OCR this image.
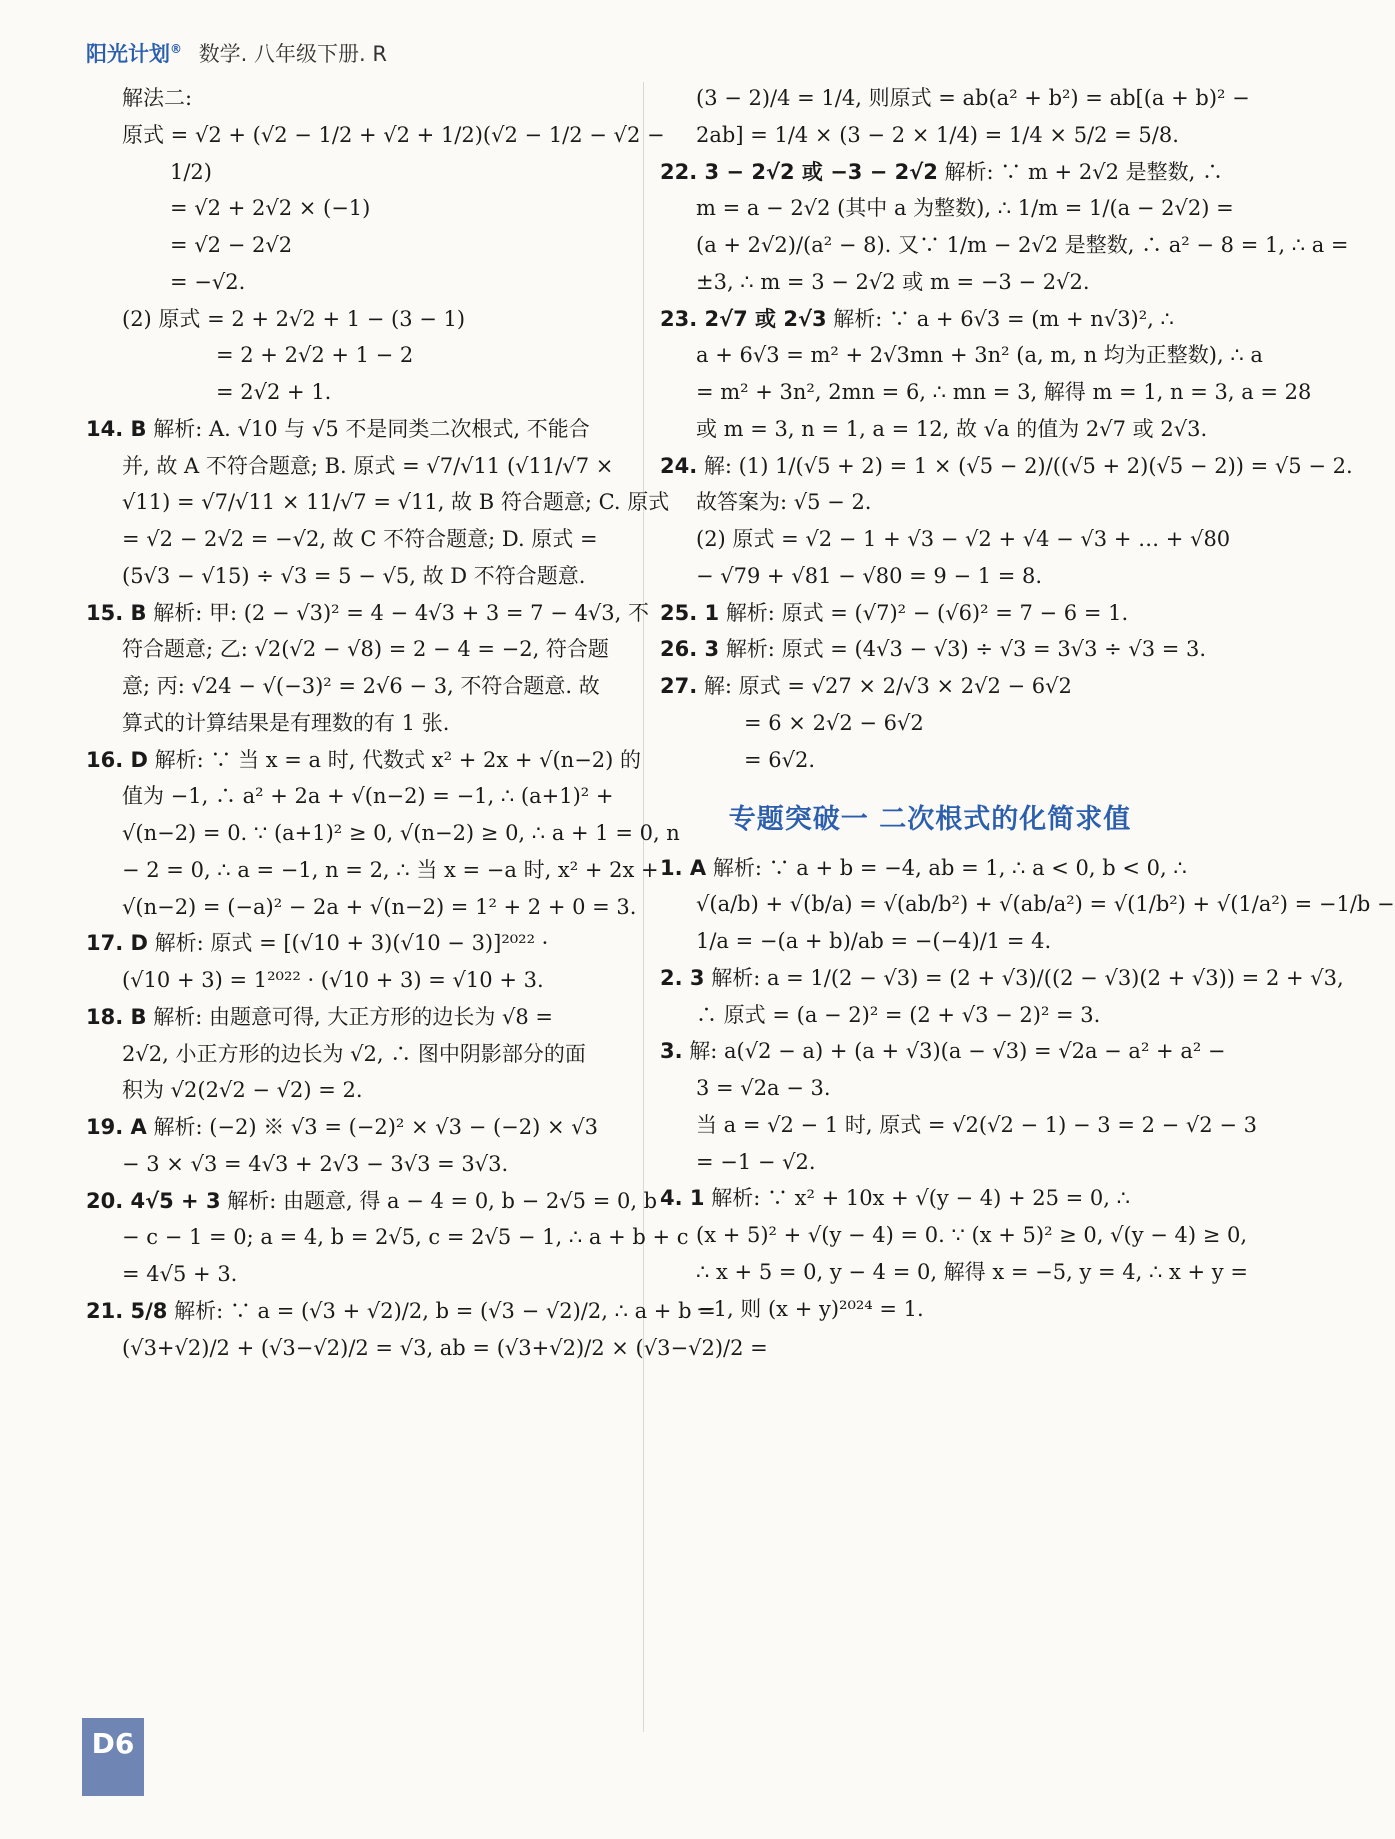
阳光计划® 数学. 八年级下册. R
解法二:
原式 = √2 + (√2 − 1/2 + √2 + 1/2)(√2 − 1/2 − √2 −
1/2)
= √2 + 2√2 × (−1)
= √2 − 2√2
= −√2.
(2) 原式 = 2 + 2√2 + 1 − (3 − 1)
= 2 + 2√2 + 1 − 2
= 2√2 + 1.
14. B 解析: A. √10 与 √5 不是同类二次根式, 不能合
并, 故 A 不符合题意; B. 原式 = √7/√11 (√11/√7 ×
√11) = √7/√11 × 11/√7 = √11, 故 B 符合题意; C. 原式
= √2 − 2√2 = −√2, 故 C 不符合题意; D. 原式 =
(5√3 − √15) ÷ √3 = 5 − √5, 故 D 不符合题意.
15. B 解析: 甲: (2 − √3)² = 4 − 4√3 + 3 = 7 − 4√3, 不
符合题意; 乙: √2(√2 − √8) = 2 − 4 = −2, 符合题
意; 丙: √24 − √(−3)² = 2√6 − 3, 不符合题意. 故
算式的计算结果是有理数的有 1 张.
16. D 解析: ∵ 当 x = a 时, 代数式 x² + 2x + √(n−2) 的
值为 −1, ∴ a² + 2a + √(n−2) = −1, ∴ (a+1)² +
√(n−2) = 0. ∵ (a+1)² ≥ 0, √(n−2) ≥ 0, ∴ a + 1 = 0, n
− 2 = 0, ∴ a = −1, n = 2, ∴ 当 x = −a 时, x² + 2x +
√(n−2) = (−a)² − 2a + √(n−2) = 1² + 2 + 0 = 3.
17. D 解析: 原式 = [(√10 + 3)(√10 − 3)]²⁰²² ·
(√10 + 3) = 1²⁰²² · (√10 + 3) = √10 + 3.
18. B 解析: 由题意可得, 大正方形的边长为 √8 =
2√2, 小正方形的边长为 √2, ∴ 图中阴影部分的面
积为 √2(2√2 − √2) = 2.
19. A 解析: (−2) ※ √3 = (−2)² × √3 − (−2) × √3
− 3 × √3 = 4√3 + 2√3 − 3√3 = 3√3.
20. 4√5 + 3 解析: 由题意, 得 a − 4 = 0, b − 2√5 = 0, b
− c − 1 = 0; a = 4, b = 2√5, c = 2√5 − 1, ∴ a + b + c
= 4√5 + 3.
21. 5/8 解析: ∵ a = (√3 + √2)/2, b = (√3 − √2)/2, ∴ a + b =
(√3+√2)/2 + (√3−√2)/2 = √3, ab = (√3+√2)/2 × (√3−√2)/2 =
(3 − 2)/4 = 1/4, 则原式 = ab(a² + b²) = ab[(a + b)² −
2ab] = 1/4 × (3 − 2 × 1/4) = 1/4 × 5/2 = 5/8.
22. 3 − 2√2 或 −3 − 2√2 解析: ∵ m + 2√2 是整数, ∴
m = a − 2√2 (其中 a 为整数), ∴ 1/m = 1/(a − 2√2) =
(a + 2√2)/(a² − 8). 又∵ 1/m − 2√2 是整数, ∴ a² − 8 = 1, ∴ a =
±3, ∴ m = 3 − 2√2 或 m = −3 − 2√2.
23. 2√7 或 2√3 解析: ∵ a + 6√3 = (m + n√3)², ∴
a + 6√3 = m² + 2√3mn + 3n² (a, m, n 均为正整数), ∴ a
= m² + 3n², 2mn = 6, ∴ mn = 3, 解得 m = 1, n = 3, a = 28
或 m = 3, n = 1, a = 12, 故 √a 的值为 2√7 或 2√3.
24. 解: (1) 1/(√5 + 2) = 1 × (√5 − 2)/((√5 + 2)(√5 − 2)) = √5 − 2.
故答案为: √5 − 2.
(2) 原式 = √2 − 1 + √3 − √2 + √4 − √3 + … + √80
− √79 + √81 − √80 = 9 − 1 = 8.
25. 1 解析: 原式 = (√7)² − (√6)² = 7 − 6 = 1.
26. 3 解析: 原式 = (4√3 − √3) ÷ √3 = 3√3 ÷ √3 = 3.
27. 解: 原式 = √27 × 2/√3 × 2√2 − 6√2
= 6 × 2√2 − 6√2
= 6√2.
专题突破一 二次根式的化简求值
1. A 解析: ∵ a + b = −4, ab = 1, ∴ a < 0, b < 0, ∴
√(a/b) + √(b/a) = √(ab/b²) + √(ab/a²) = √(1/b²) + √(1/a²) = −1/b −
1/a = −(a + b)/ab = −(−4)/1 = 4.
2. 3 解析: a = 1/(2 − √3) = (2 + √3)/((2 − √3)(2 + √3)) = 2 + √3,
∴ 原式 = (a − 2)² = (2 + √3 − 2)² = 3.
3. 解: a(√2 − a) + (a + √3)(a − √3) = √2a − a² + a² −
3 = √2a − 3.
当 a = √2 − 1 时, 原式 = √2(√2 − 1) − 3 = 2 − √2 − 3
= −1 − √2.
4. 1 解析: ∵ x² + 10x + √(y − 4) + 25 = 0, ∴
(x + 5)² + √(y − 4) = 0. ∵ (x + 5)² ≥ 0, √(y − 4) ≥ 0,
∴ x + 5 = 0, y − 4 = 0, 解得 x = −5, y = 4, ∴ x + y =
−1, 则 (x + y)²⁰²⁴ = 1.
D6
